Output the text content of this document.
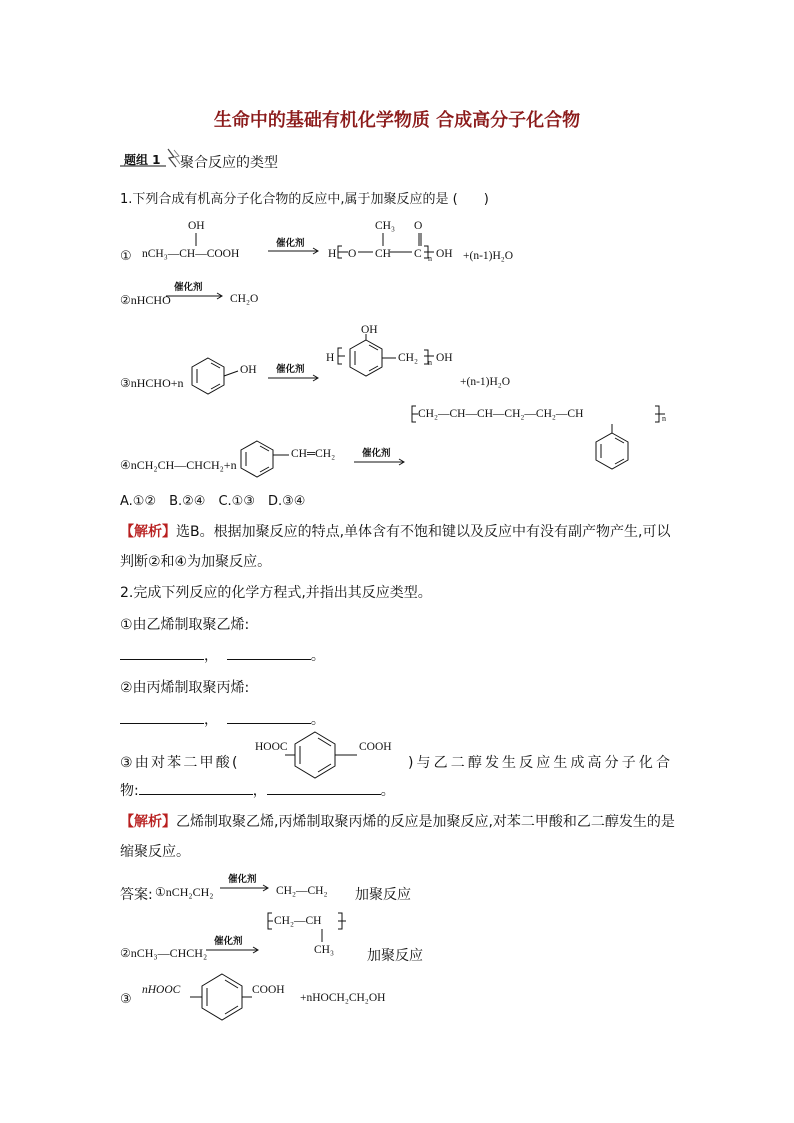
生命中的基础有机化学物质 合成高分子化合物
题组 1 聚合反应的类型
1.下列合成有机高分子化合物的反应中,属于加聚反应的是 (　　)
①
OH
nCH₃—CH—COOH
CH₃ O
H O CH C n OH +(n-1)H₂O
②nHCHO	CH₂O
③nHCHO+n
OH
H
OH
CH₂ n OH
+(n-1)H₂O
CH₂—CH—CH—CH₂—CH₂—CH	n
④nCH₂CH—CHCH₂+n
CH═CH₂
A.①②　B.②④　C.①③　D.③④
【解析】选B。根据加聚反应的特点,单体含有不饱和键以及反应中有没有副产物产生,可以
判断②和④为加聚反应。
2.完成下列反应的化学方程式,并指出其反应类型。
①由乙烯制取聚乙烯:
，	。
②由丙烯制取聚丙烯:
，	。
③由对苯二甲酸(
HOOC	COOH
)与乙二醇发生反应生成高分子化合
物:	，	。
【解析】乙烯制取聚乙烯,丙烯制取聚丙烯的反应是加聚反应,对苯二甲酸和乙二醇发生的是
缩聚反应。
答案: ①nCH₂CH₂	CH₂—CH₂ 加聚反应
CH₂—CH
CH₃
②nCH₃—CHCH₂	加聚反应
③
nHOOC	COOH
+nHOCH₂CH₂OH
催化剂
催化剂
催化剂
催化剂
催化剂
催化剂
